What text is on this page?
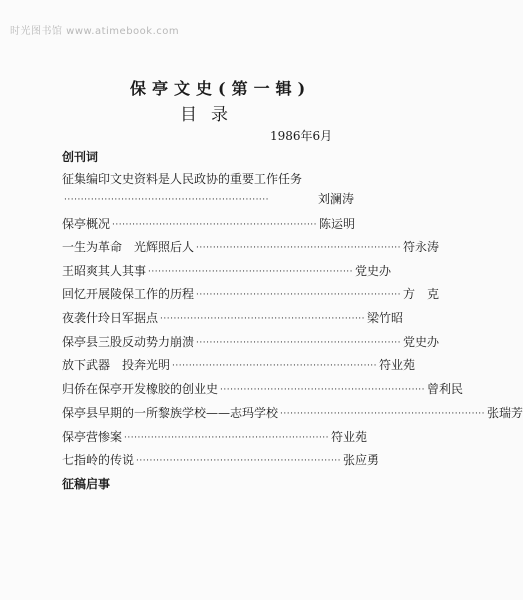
时光图书馆 www.atimebook.com
保亭文史(第一辑)
目录
1986年6月
创刊词
征集编印文史资料是人民政协的重要工作任务
·····························································	刘澜涛
保亭概况 ····························································· 陈运明
一生为革命　光辉照后人 ····························································· 符永涛
王昭爽其人其事 ····························································· 党史办
回忆开展陵保工作的历程 ····························································· 方　克
夜袭什玲日军据点 ····························································· 梁竹昭
保亭县三股反动势力崩溃 ····························································· 党史办
放下武器　投奔光明 ····························································· 符业苑
归侨在保亭开发橡胶的创业史 ····························································· 曾利民
保亭县早期的一所黎族学校——志玛学校 ····························································· 张瑞芳
保亭营惨案 ····························································· 符业苑
七指岭的传说 ····························································· 张应勇
征稿启事
